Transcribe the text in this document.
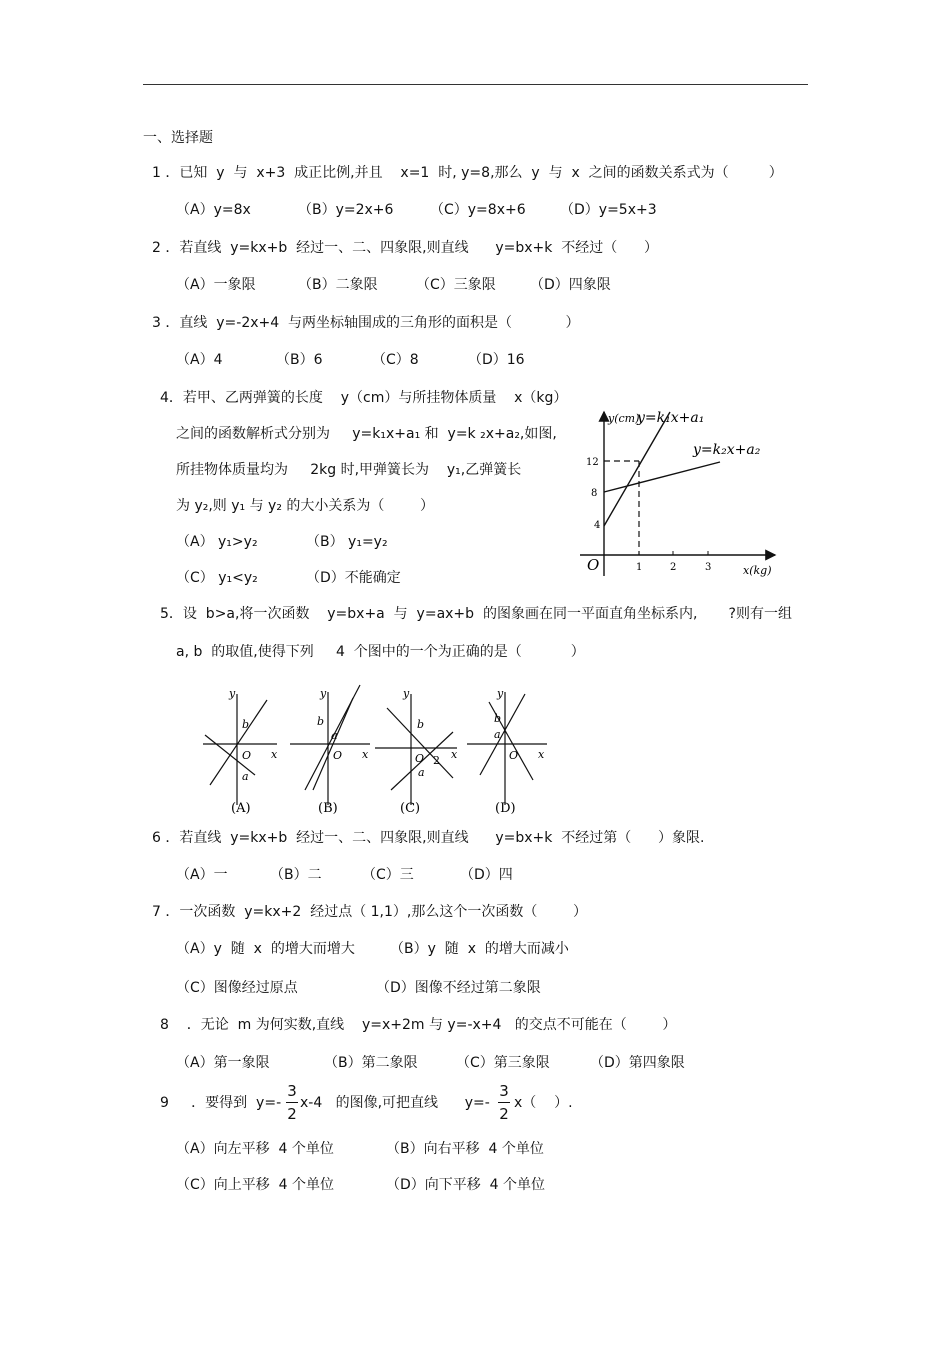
一、选择题
1 ．已知  y  与  x+3  成正比例,并且    x=1  时, y=8,那么  y  与  x  之间的函数关系式为（         ）
（A）y=8x	（B）y=2x+6	（C）y=8x+6 （D）y=5x+3
2 ．若直线  y=kx+b  经过一、二、四象限,则直线      y=bx+k  不经过（      ）
（A）一象限	（B）二象限	（C）三象限 （D）四象限
3 ．直线  y=-2x+4  与两坐标轴围成的三角形的面积是（            ）
（A）4	（B）6	（C）8	（D）16
4．若甲、乙两弹簧的长度    y（cm）与所挂物体质量    x（kg）
之间的函数解析式分别为     y=k₁x+a₁ 和  y=k ₂x+a₂,如图,
所挂物体质量均为     2kg 时,甲弹簧长为    y₁,乙弹簧长
为 y₂,则 y₁ 与 y₂ 的大小关系为（        ）
（A） y₁>y₂	（B） y₁=y₂
（C） y₁<y₂	（D）不能确定
y(cm)
x(kg)
O
y=k₁x+a₁
y=k₂x+a₂
12
8
4
1	2	3
5．设  b>a,将一次函数    y=bx+a  与  y=ax+b  的图象画在同一平面直角坐标系内,       ?则有一组
a, b  的取值,使得下列     4  个图中的一个为正确的是（           ）
y
b
O x
a
(A)
y
b
a
O x
(B)
y
b
O 2 x
a
(C)
y
b
a
O x
(D)
6 ．若直线  y=kx+b  经过一、二、四象限,则直线      y=bx+k  不经过第（      ）象限.
（A）一	（B）二	（C）三	（D）四
7 ．一次函数  y=kx+2  经过点（ 1,1）,那么这个一次函数（        ）
（A）y  随  x  的增大而增大	（B）y  随  x  的增大而减小
（C）图像经过原点	（D）图像不经过第二象限
8    ．无论  m 为何实数,直线    y=x+2m 与 y=-x+4   的交点不可能在（        ）
（A）第一象限	（B）第二象限	（C）第三象限	（D）第四象限
9     ．要得到  y=-
3
2
x-4   的图像,可把直线      y=-
3
2
x（    ）.
（A）向左平移  4 个单位	（B）向右平移  4 个单位
（C）向上平移  4 个单位	（D）向下平移  4 个单位
